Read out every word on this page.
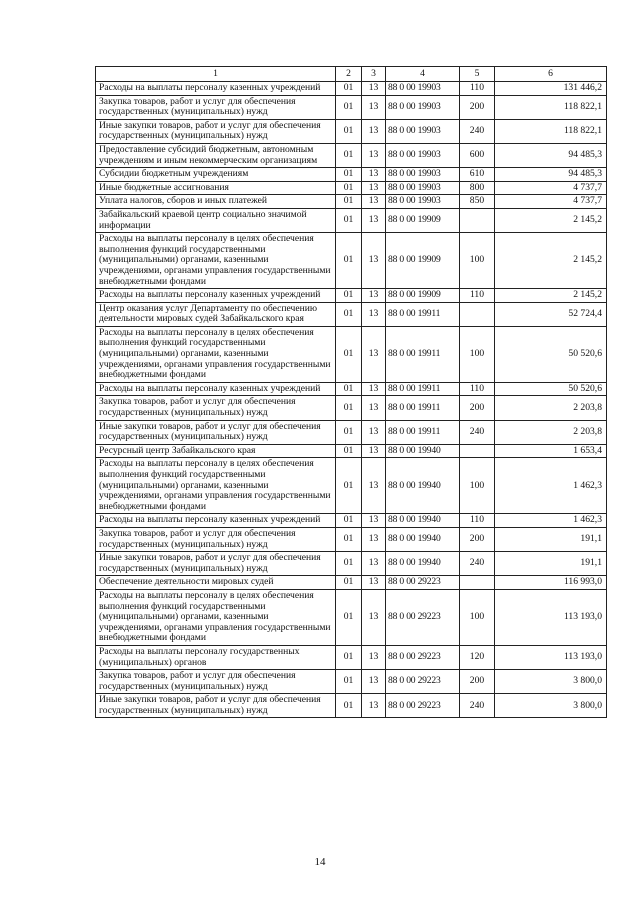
1	2	3	4	5	6
Расходы на выплаты персоналу казенных учреждений	01	13	88 0 00 19903	110	131 446,2
Закупка товаров, работ и услуг для обеспечения государственных (муниципальных) нужд	01	13	88 0 00 19903	200	118 822,1
Иные закупки товаров, работ и услуг для обеспечения государственных (муниципальных) нужд	01	13	88 0 00 19903	240	118 822,1
Предоставление субсидий бюджетным, автономным учреждениям и иным некоммерческим организациям	01	13	88 0 00 19903	600	94 485,3
Субсидии бюджетным учреждениям	01	13	88 0 00 19903	610	94 485,3
Иные бюджетные ассигнования	01	13	88 0 00 19903	800	4 737,7
Уплата налогов, сборов и иных платежей	01	13	88 0 00 19903	850	4 737,7
Забайкальский краевой центр социально значимой информации	01	13	88 0 00 19909		2 145,2
Расходы на выплаты персоналу в целях обеспечения выполнения функций государственными (муниципальными) органами, казенными учреждениями, органами управления государственными внебюджетными фондами	01	13	88 0 00 19909	100	2 145,2
Расходы на выплаты персоналу казенных учреждений	01	13	88 0 00 19909	110	2 145,2
Центр оказания услуг Департаменту по обеспечению деятельности мировых судей Забайкальского края	01	13	88 0 00 19911		52 724,4
Расходы на выплаты персоналу в целях обеспечения выполнения функций государственными (муниципальными) органами, казенными учреждениями, органами управления государственными внебюджетными фондами	01	13	88 0 00 19911	100	50 520,6
Расходы на выплаты персоналу казенных учреждений	01	13	88 0 00 19911	110	50 520,6
Закупка товаров, работ и услуг для обеспечения государственных (муниципальных) нужд	01	13	88 0 00 19911	200	2 203,8
Иные закупки товаров, работ и услуг для обеспечения государственных (муниципальных) нужд	01	13	88 0 00 19911	240	2 203,8
Ресурсный центр Забайкальского края	01	13	88 0 00 19940		1 653,4
Расходы на выплаты персоналу в целях обеспечения выполнения функций государственными (муниципальными) органами, казенными учреждениями, органами управления государственными внебюджетными фондами	01	13	88 0 00 19940	100	1 462,3
Расходы на выплаты персоналу казенных учреждений	01	13	88 0 00 19940	110	1 462,3
Закупка товаров, работ и услуг для обеспечения государственных (муниципальных) нужд	01	13	88 0 00 19940	200	191,1
Иные закупки товаров, работ и услуг для обеспечения государственных (муниципальных) нужд	01	13	88 0 00 19940	240	191,1
Обеспечение деятельности мировых судей	01	13	88 0 00 29223		116 993,0
Расходы на выплаты персоналу в целях обеспечения выполнения функций государственными (муниципальными) органами, казенными учреждениями, органами управления государственными внебюджетными фондами	01	13	88 0 00 29223	100	113 193,0
Расходы на выплаты персоналу государственных (муниципальных) органов	01	13	88 0 00 29223	120	113 193,0
Закупка товаров, работ и услуг для обеспечения государственных (муниципальных) нужд	01	13	88 0 00 29223	200	3 800,0
Иные закупки товаров, работ и услуг для обеспечения государственных (муниципальных) нужд	01	13	88 0 00 29223	240	3 800,0
14
